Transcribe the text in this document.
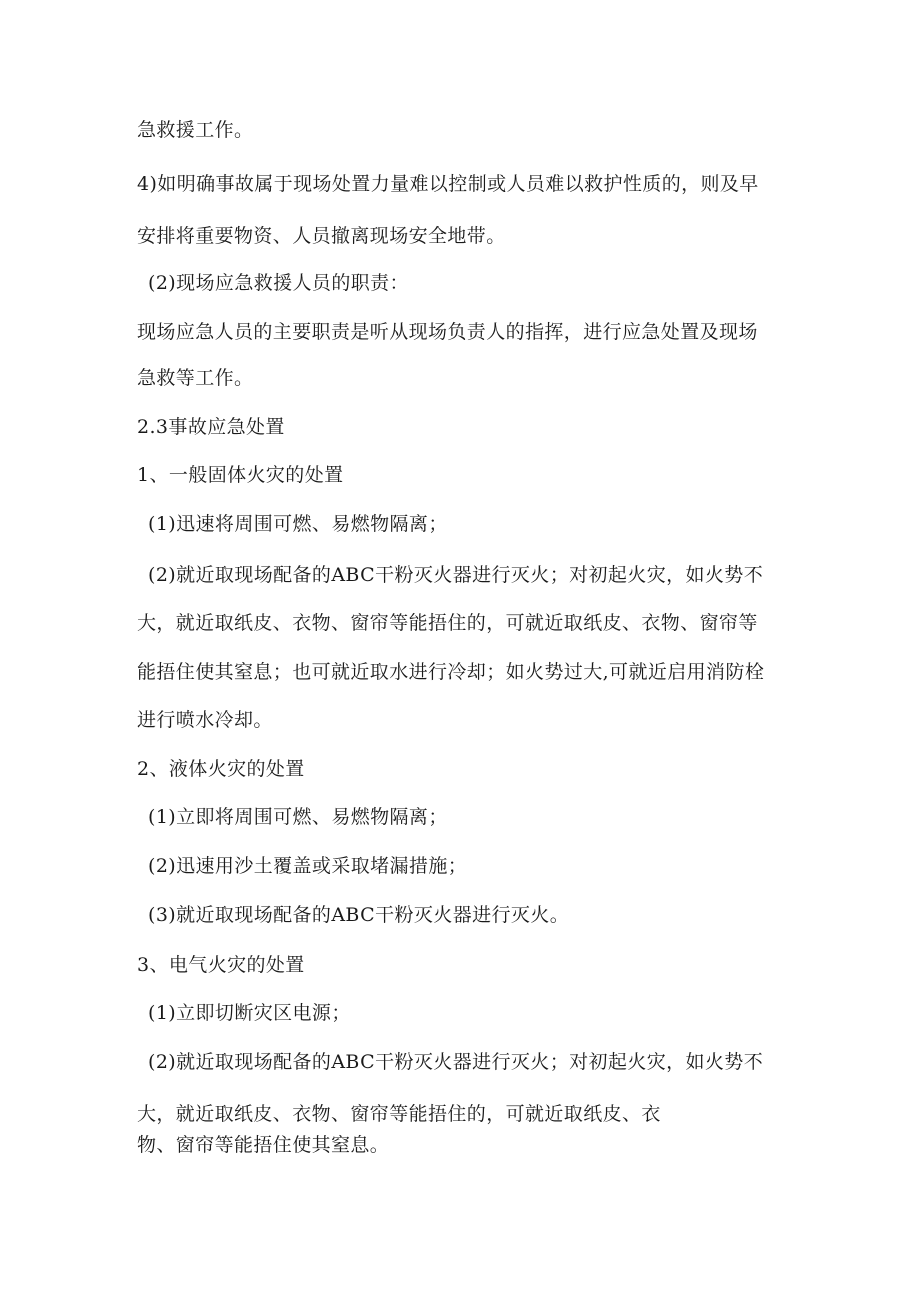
急救援工作。
4)如明确事故属于现场处置力量难以控制或人员难以救护性质的，则及早
安排将重要物资、人员撤离现场安全地带。
(2)现场应急救援人员的职责：
现场应急人员的主要职责是听从现场负责人的指挥，进行应急处置及现场
急救等工作。
2.3事故应急处置
1、一般固体火灾的处置
(1)迅速将周围可燃、易燃物隔离；
(2)就近取现场配备的ABC干粉灭火器进行灭火；对初起火灾，如火势不
大，就近取纸皮、衣物、窗帘等能捂住的，可就近取纸皮、衣物、窗帘等
能捂住使其窒息；也可就近取水进行冷却；如火势过大,可就近启用消防栓
进行喷水冷却。
2、液体火灾的处置
(1)立即将周围可燃、易燃物隔离；
(2)迅速用沙土覆盖或采取堵漏措施；
(3)就近取现场配备的ABC干粉灭火器进行灭火。
3、电气火灾的处置
(1)立即切断灾区电源；
(2)就近取现场配备的ABC干粉灭火器进行灭火；对初起火灾，如火势不
大，就近取纸皮、衣物、窗帘等能捂住的，可就近取纸皮、衣
物、窗帘等能捂住使其窒息。
